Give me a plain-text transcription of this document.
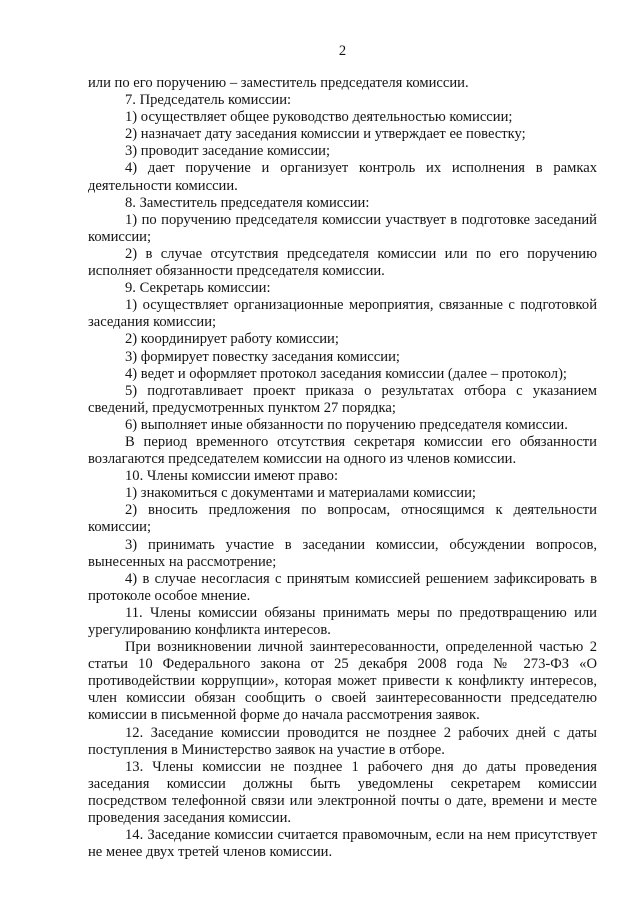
2

или по его поручению – заместитель председателя комиссии.

7. Председатель комиссии:

1) осуществляет общее руководство деятельностью комиссии;

2) назначает дату заседания комиссии и утверждает ее повестку;

3) проводит заседание комиссии;

4) дает поручение и организует контроль их исполнения в рамках деятельности комиссии.

8. Заместитель председателя комиссии:

1) по поручению председателя комиссии участвует в подготовке заседаний комиссии;

2) в случае отсутствия председателя комиссии или по его поручению исполняет обязанности председателя комиссии.

9. Секретарь комиссии:

1) осуществляет организационные мероприятия, связанные с подготовкой заседания комиссии;

2) координирует работу комиссии;

3) формирует повестку заседания комиссии;

4) ведет и оформляет протокол заседания комиссии (далее – протокол);

5) подготавливает проект приказа о результатах отбора с указанием сведений, предусмотренных пунктом 27 порядка;

6) выполняет иные обязанности по поручению председателя комиссии.

В период временного отсутствия секретаря комиссии его обязанности возлагаются председателем комиссии на одного из членов комиссии.

10. Члены комиссии имеют право:

1) знакомиться с документами и материалами комиссии;

2) вносить предложения по вопросам, относящимся к деятельности комиссии;

3) принимать участие в заседании комиссии, обсуждении вопросов, вынесенных на рассмотрение;

4) в случае несогласия с принятым комиссией решением зафиксировать в протоколе особое мнение.

11. Члены комиссии обязаны принимать меры по предотвращению или урегулированию конфликта интересов.

При возникновении личной заинтересованности, определенной частью 2 статьи 10 Федерального закона от 25 декабря 2008 года № 273-ФЗ «О противодействии коррупции», которая может привести к конфликту интересов, член комиссии обязан сообщить о своей заинтересованности председателю комиссии в письменной форме до начала рассмотрения заявок.

12. Заседание комиссии проводится не позднее 2 рабочих дней с даты поступления в Министерство заявок на участие в отборе.

13. Члены комиссии не позднее 1 рабочего дня до даты проведения заседания комиссии должны быть уведомлены секретарем комиссии посредством телефонной связи или электронной почты о дате, времени и месте проведения заседания комиссии.

14. Заседание комиссии считается правомочным, если на нем присутствует не менее двух третей членов комиссии.
